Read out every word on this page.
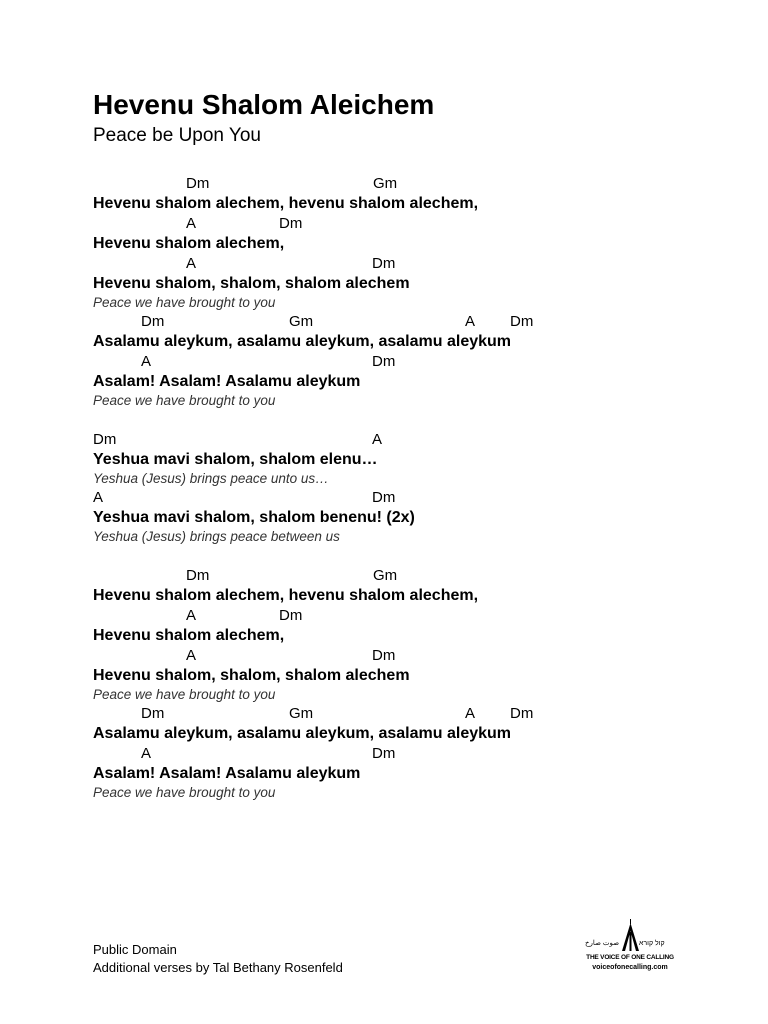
Hevenu Shalom Aleichem
Peace be Upon You
Dm	Gm
Hevenu shalom alechem, hevenu shalom alechem,
A	Dm
Hevenu shalom alechem,
A	Dm
Hevenu shalom, shalom, shalom alechem
Peace we have brought to you
Dm	Gm	A Dm
Asalamu aleykum, asalamu aleykum, asalamu aleykum
A	Dm
Asalam! Asalam! Asalamu aleykum
Peace we have brought to you
Dm	A
Yeshua mavi shalom, shalom elenu…
Yeshua (Jesus) brings peace unto us…
A	Dm
Yeshua mavi shalom, shalom benenu! (2x)
Yeshua (Jesus) brings peace between us
Dm	Gm
Hevenu shalom alechem, hevenu shalom alechem,
A	Dm
Hevenu shalom alechem,
A	Dm
Hevenu shalom, shalom, shalom alechem
Peace we have brought to you
Dm	Gm	A Dm
Asalamu aleykum, asalamu aleykum, asalamu aleykum
A	Dm
Asalam! Asalam! Asalamu aleykum
Peace we have brought to you
Public Domain
Additional verses by Tal Bethany Rosenfeld
קול קורא
صوت صارخ
THE VOICE OF ONE CALLING
voiceofonecalling.com
